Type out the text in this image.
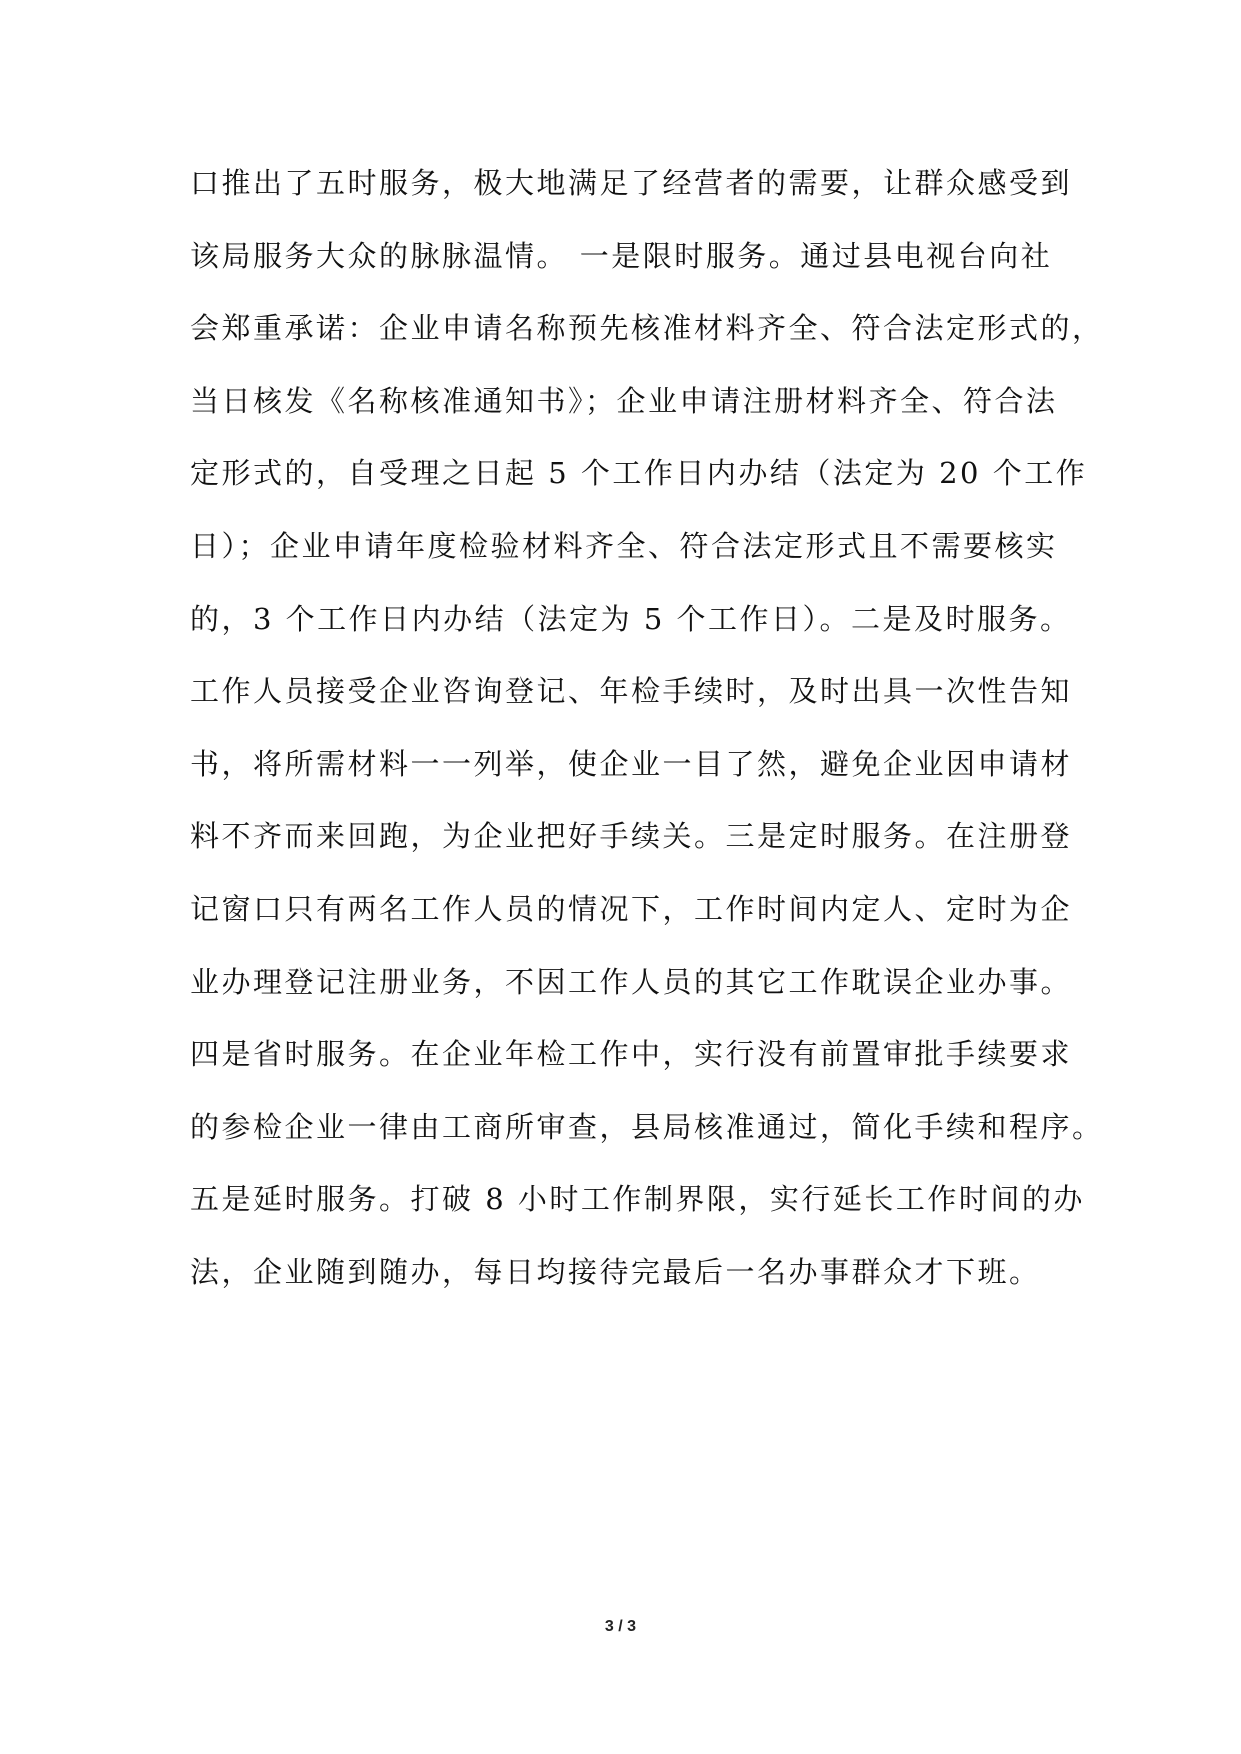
口推出了五时服务，极大地满足了经营者的需要，让群众感受到
该局服务大众的脉脉温情。 一是限时服务。通过县电视台向社
会郑重承诺：企业申请名称预先核准材料齐全、符合法定形式的，
当日核发《名称核准通知书》；企业申请注册材料齐全、符合法
定形式的，自受理之日起 5 个工作日内办结（法定为 20 个工作
日）；企业申请年度检验材料齐全、符合法定形式且不需要核实
的，3 个工作日内办结（法定为 5 个工作日）。二是及时服务。
工作人员接受企业咨询登记、年检手续时，及时出具一次性告知
书，将所需材料一一列举，使企业一目了然，避免企业因申请材
料不齐而来回跑，为企业把好手续关。三是定时服务。在注册登
记窗口只有两名工作人员的情况下，工作时间内定人、定时为企
业办理登记注册业务，不因工作人员的其它工作耽误企业办事。
四是省时服务。在企业年检工作中，实行没有前置审批手续要求
的参检企业一律由工商所审查，县局核准通过，简化手续和程序。
五是延时服务。打破 8 小时工作制界限，实行延长工作时间的办
法，企业随到随办，每日均接待完最后一名办事群众才下班。
3 / 3
